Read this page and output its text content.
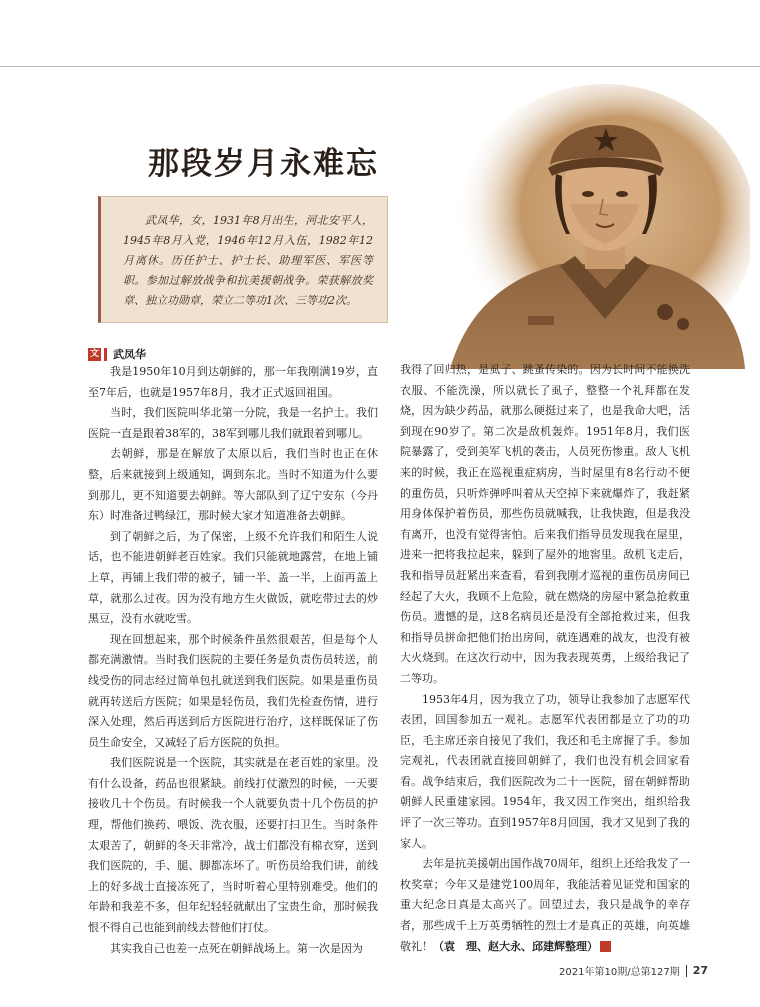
那段岁月永难忘

武凤华，女，1931年8月出生，河北安平人，1945年8月入党，1946年12月入伍，1982年12月离休。历任护士、护士长、助理军医、军医等职。参加过解放战争和抗美援朝战争。荣获解放奖章、独立功勋章，荣立二等功1次、三等功2次。

文 武凤华

我是1950年10月到达朝鲜的，那一年我刚满19岁，直至7年后，也就是1957年8月，我才正式返回祖国。

当时，我们医院叫华北第一分院，我是一名护士。我们医院一直是跟着38军的，38军到哪儿我们就跟着到哪儿。

去朝鲜，那是在解放了太原以后，我们当时也正在休整，后来就接到上级通知，调到东北。当时不知道为什么要到那儿，更不知道要去朝鲜。等大部队到了辽宁安东（今丹东）时准备过鸭绿江，那时候大家才知道准备去朝鲜。

到了朝鲜之后，为了保密，上级不允许我们和陌生人说话，也不能进朝鲜老百姓家。我们只能就地露营，在地上铺上草，再铺上我们带的被子，铺一半、盖一半，上面再盖上草，就那么过夜。因为没有地方生火做饭，就吃带过去的炒黑豆，没有水就吃雪。

现在回想起来，那个时候条件虽然很艰苦，但是每个人都充满激情。当时我们医院的主要任务是负责伤员转送，前线受伤的同志经过简单包扎就送到我们医院。如果是重伤员就再转送后方医院；如果是轻伤员，我们先检查伤情，进行深入处理，然后再送到后方医院进行治疗，这样既保证了伤员生命安全，又减轻了后方医院的负担。

我们医院说是一个医院，其实就是在老百姓的家里。没有什么设备，药品也很紧缺。前线打仗激烈的时候，一天要接收几十个伤员。有时候我一个人就要负责十几个伤员的护理，帮他们换药、喂饭、洗衣服，还要打扫卫生。当时条件太艰苦了，朝鲜的冬天非常冷，战士们都没有棉衣穿，送到我们医院的，手、腿、脚都冻坏了。听伤员给我们讲，前线上的好多战士直接冻死了，当时听着心里特别难受。他们的年龄和我差不多，但年纪轻轻就献出了宝贵生命，那时候我恨不得自己也能到前线去替他们打仗。

其实我自己也差一点死在朝鲜战场上。第一次是因为

我得了回归热，是虱子、跳蚤传染的。因为长时间不能换洗衣服、不能洗澡，所以就长了虱子，整整一个礼拜都在发烧，因为缺少药品，就那么硬挺过来了，也是我命大吧，活到现在90岁了。第二次是敌机轰炸。1951年8月，我们医院暴露了，受到美军飞机的袭击，人员死伤惨重。敌人飞机来的时候，我正在巡视重症病房，当时屋里有8名行动不便的重伤员，只听炸弹呼叫着从天空掉下来就爆炸了，我赶紧用身体保护着伤员，那些伤员就喊我，让我快跑，但是我没有离开，也没有觉得害怕。后来我们指导员发现我在屋里，进来一把将我拉起来，躲到了屋外的地窖里。敌机飞走后，我和指导员赶紧出来查看，看到我刚才巡视的重伤员房间已经起了大火，我顾不上危险，就在燃烧的房屋中紧急抢救重伤员。遗憾的是，这8名病员还是没有全部抢救过来，但我和指导员拼命把他们抬出房间，就连遇难的战友，也没有被大火烧到。在这次行动中，因为我表现英勇，上级给我记了二等功。

1953年4月，因为我立了功，领导让我参加了志愿军代表团，回国参加五一观礼。志愿军代表团都是立了功的功臣，毛主席还亲自接见了我们，我还和毛主席握了手。参加完观礼，代表团就直接回朝鲜了，我们也没有机会回家看看。战争结束后，我们医院改为二十一医院，留在朝鲜帮助朝鲜人民重建家园。1954年，我又因工作突出，组织给我评了一次三等功。直到1957年8月回国，我才又见到了我的家人。

去年是抗美援朝出国作战70周年，组织上还给我发了一枚奖章；今年又是建党100周年，我能活着见证党和国家的重大纪念日真是太高兴了。回望过去，我只是战争的幸存者，那些成千上万英勇牺牲的烈士才是真正的英雄，向英雄敬礼！（袁　理、赵大永、邱建辉整理）	G

2021年第10期/总第127期 27
